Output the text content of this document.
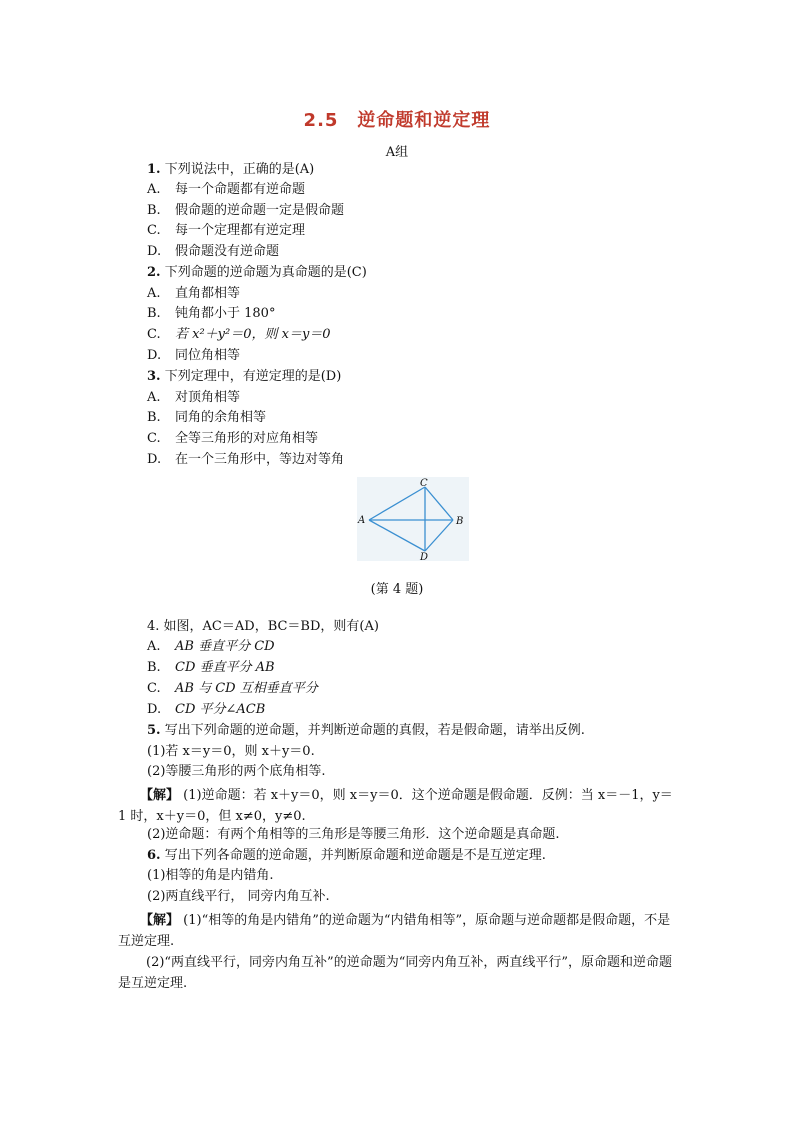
2.5　逆命题和逆定理
A组
1. 下列说法中，正确的是(A)
A. 每一个命题都有逆命题
B. 假命题的逆命题一定是假命题
C. 每一个定理都有逆定理
D. 假命题没有逆命题
2. 下列命题的逆命题为真命题的是(C)
A. 直角都相等
B. 钝角都小于 180°
C. 若 x²＋y²＝0，则 x＝y＝0
D. 同位角相等
3. 下列定理中，有逆定理的是(D)
A. 对顶角相等
B. 同角的余角相等
C. 全等三角形的对应角相等
D. 在一个三角形中，等边对等角
A	B
C
D
(第 4 题)
4. 如图，AC＝AD，BC＝BD，则有(A)
A. AB 垂直平分 CD
B. CD 垂直平分 AB
C. AB 与 CD 互相垂直平分
D. CD 平分∠ACB
5. 写出下列命题的逆命题，并判断逆命题的真假，若是假命题，请举出反例.
(1)若 x＝y＝0，则 x＋y＝0.
(2)等腰三角形的两个底角相等.
【解】 (1)逆命题：若 x＋y＝0，则 x＝y＝0．这个逆命题是假命题．反例：当 x＝－1，y＝1 时，x＋y＝0，但 x≠0，y≠0.
(2)逆命题：有两个角相等的三角形是等腰三角形．这个逆命题是真命题.
6. 写出下列各命题的逆命题，并判断原命题和逆命题是不是互逆定理.
(1)相等的角是内错角.
(2)两直线平行， 同旁内角互补.
【解】 (1)“相等的角是内错角”的逆命题为“内错角相等”，原命题与逆命题都是假命题，不是互逆定理.
(2)“两直线平行，同旁内角互补”的逆命题为“同旁内角互补，两直线平行”，原命题和逆命题是互逆定理.
